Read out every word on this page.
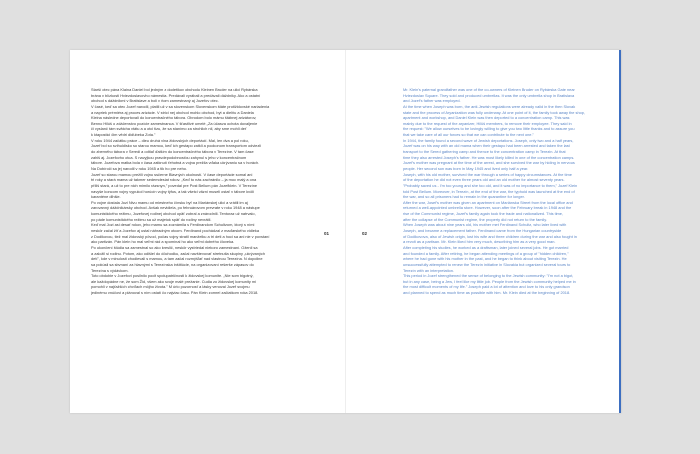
Starší otec pána Klaina Daniel bol jedným z dodetikov obchodu Kleinen Bruder na ulici Rybárska
brána v blízkosti Hviezdoslavovho námestia. Predávali vyrábali a predávali dáždniky. Ako a ostatní
obchod s dáždnikmi v Bratislave a boli v ňom zamestnaný aj Jozefov otec.
V časé, keď sa otec Jozef narodil, platili už v sa slovenskom Slovenskom štáte protižidovské nariadenia
a napriek prémiéra aj proces arizácie. V strici nej obchod mohlo obchod, byt a dielňu a Daniela
Kleina následne deportovali do koncentračného tábora. Obrodom bolo mámu štábnej arizátorov,
Benno Hilúš o zdáčenstvo pozície zamestnanca. V šťastlivé umelé „Za účasva ochota dovaljenie
či vyslanč tám svätcha vtátu a a otci tizu, že sa stanímo za strohlich nil, aby sme mohli deť
k ktapostici čim vêdri diďubeka Zota."
V roku 1944 začátku práce – dieu druhá vlna židovských deportácií. Mal, len dva a pol roku,
Jozef bol so svihuldisko so starou mamou, keď ich gestapo zatkli a pookonom transportom odviezli
do zberného tábora v Seredi a odtiaľ ďalším do koncentračného tábora v Terezíne. V tam čase
zahiš aj. Jozefovho otca. S navyjkou pravdepodobnosťou zahynul s jeho v koncentračnom
tábore. Jozefova matka bola v časa zatknutí ťehotná a vojna prežila vďaka ukrývaniu sa v horách.
Na Dobíroči sa jej narodil v roku 1945 a tik ho pre neho.
Jozef so starou mamou prežili vojnu ssčerne Blavných okolností. V čase deportácie somal ani
tri roky a stará mama už takmer sedemdesiat rokov. „Keď to nás zachránilo – ja moc malý a ona
příliš stará, a už to pre nich mimilo rázsnyn," povedal pre Post Bellum pán Jozefklein. V Terezíne
navyše koncom vojny vypukol horúcín vojny týfus, a tak všetci väzni museli ostať v tábore kvôli
karanténe dlhšie.
Po vojne dostala Jozi Nivu mamu od miestneho čínsku byť na Mariánskej ulici a vrátili im aj
zarovanný dáždnikársky obchod. Avšak nevidiela, po februárovom prevrate v roku 1948 a nástupe
komunistického režimu, Jozefovej rodinej obchod opäť zobral a znárodnili. Tentoraz už natrvalo,
po páde komunistického režimu sa už majetok späť do rodiny nevrátil.
Keď mal Jozi asi desať rokov, jeho mamu sa zoznámila s Ferdinandom Schultzom, ktorý s ními
neskôr začal žiť a Jozefov aj ustal náhradným otcom. Ferdinand pochádzal z maďarského vidieka
z Dodikovou, tiež mal židovský pôvod, počas vojny stratil manželku a tri deti a hoci sa ani nie v povstaní
ako partizán. Pán klein ho mal veľmi rád a spomínal ho ako veľmi dobrého človeka.
Po ukončení štúdia sa zamestnal so ako kreslič, neskôr vystriedal niekoro zamestnaní. Oženil sa
a založil si rodinu. Potom, ako odišiel do dôchodku, začal navštevovať stretnutia skupiny „ukrývaných
detí", kde v minulosti chodievali s mamou, a tam začal rozmýšľať nad vlastnou Terezína. N dopoline
sa pokúsil sa sbvnaní za hlavnými s Terezínska inštitúcie, na organizovaní rešerše zápasov do
Terezína s výdávkom.
Toto obdobie v Jozefovi posilnilo pocit spolupatričnosti k židovskej komunite. „Nie som bigotný,
ale každopádne ne, že som Žid, všem ako svoje malé prežanie. Cudia zo židovskej komunity mi
pomohli v najťažších chvíľach môjho života." M úrio pozornosť a lásky venoval Jozef svojmu
jedinému vnúčovi a plánoval s ním ostatí čo najviac času. Pán Klein zomrel začiatkom roka 2018.
01	02
Mr. Klein's paternal grandfather was one of the co-owners of Kleinen Bruder on Rybárska Gate near
Hviezdoslav Square. They sold and produced umbrellas. It was the only umbrella shop in Bratislava
and Jozef's father was employed.
At the time when Joseph was born, the anti-Jewish regulations were already valid in the then Slovak
state and the process of Aryanization was fully underway. At one point of it, the family took away the shop,
apartment and workshop, and Daniel Klein was then deported to a concentration camp. This was
mainly due to the request of the aryanizer, Hilüš members, to remove their employee. They said in
the request: "We allow ourselves to be lovingly willing to give you two little thanks and to assure you
that we take care of all our forces so that we can contribute to the next one."
In 1944, the family found a second wave of Jewish deportations. Joseph, only two and a half years,
Jozef was on his way with an old mama when their gestapo had been arrested and taken the last
transport to the Sered gathering camp and thence to the concentration camp in Terezin. At that
time they also arrested Joseph's father. He was most likely killed in one of the concentration camps.
Jozef's mother was pregnant at the time of the arrest, and she survived the war by hiding in nervous
people. Her second son was born in May 1945 and lived only half a year.
Joseph, with his old mother, survived the war through a series of happy circumstances. At the time
of the deportation he did not even three years old and an old mother for almost seventy years.
"Probably saved us - I'm too young and she too old, and it was of no importance to them," Jozef Klein
told Post Bellum. Moreover, in Terezín, at the end of the war, the typhoid was launched at the end of
the war, and so all prisoners had to remain in the quarantine for longer.
After the war, Josef's mother was given an apartment on Mariánska Street from the local office and
returned a well-appointed umbrella store. However, soon after the February break in 1948 and the
rise of the Communist regime, Jozef's family again took the trade and nationalized. This time,
after the collapse of the Communist regime, the property did not return to the family.
When Joseph was about nine years old, his mother met Ferdinand Schultz, who later lived with
Joseph, and became a replacement father. Ferdinand came from the Hungarian countryside
of Dodikovova, also of Jewish origin, lost his wife and three children during the war and also fought in
a revolt as a partisan. Mr. Klein liked him very much, describing him as a very good man.
After completing his studies, he worked as a draftsman, later joined several jobs. He got married
and founded a family. After retiring, he began attending meetings of a group of "hidden children,"
where he had gone with his mother in the past, and he began to think about visiting Terezin. He
unsuccessfully attempted to renew the Terezín initiative in Slovakia but organized several tours to
Terezín with an interpretation.
This period in Jozef strengthened the sense of belonging to the Jewish community: "I'm not a bigot,
but in any case, being a Jew, I feel like my little job. People from the Jewish community helped me in
the most difficult moments of my life." Joseph paid a lot of attention and love to his only grandson
and planned to spend as much time as possible with him. Mr. Klein died at the beginning of 2018.
